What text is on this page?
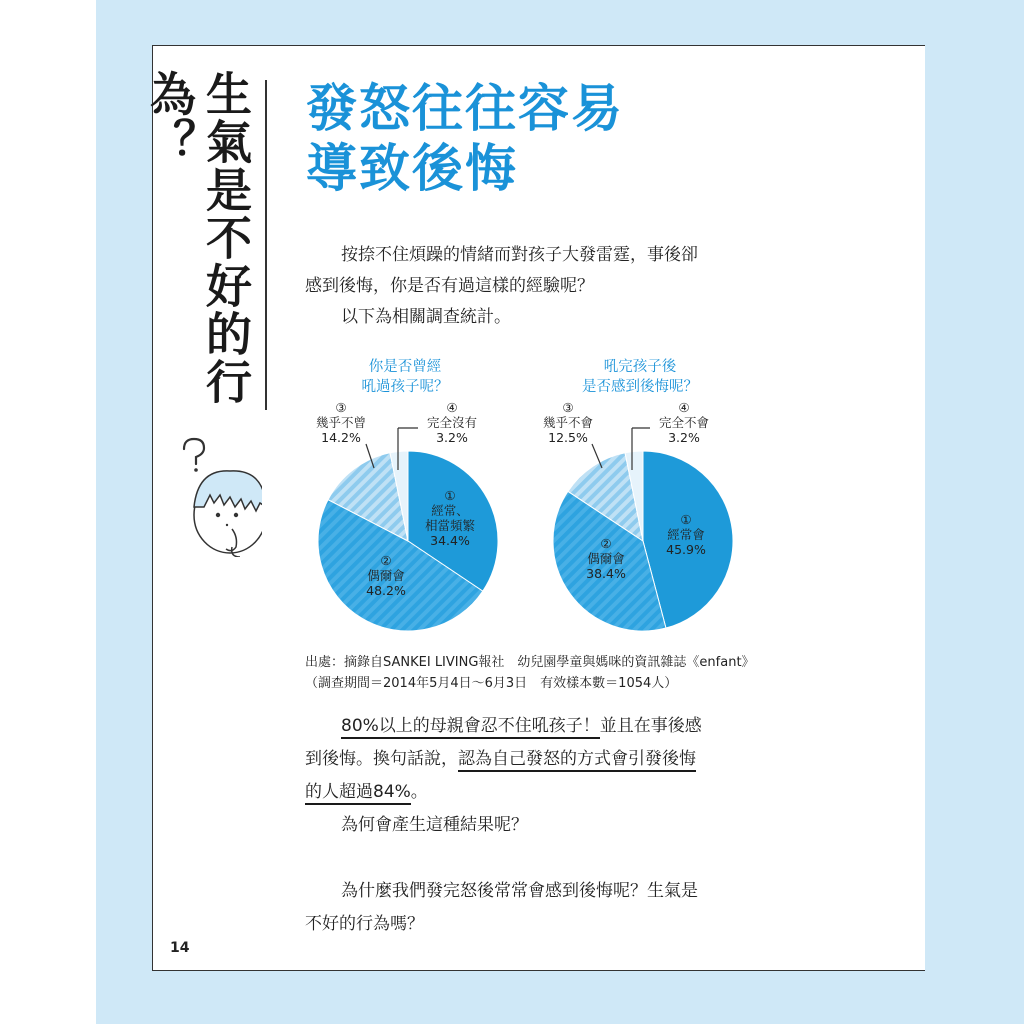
生氣是不好的行為？	發怒往往容易
導致後悔

按捺不住煩躁的情緒而對孩子大發雷霆，事後卻

感到後悔，你是否有過這樣的經驗呢？

以下為相關調查統計。

你是否曾經
吼過孩子呢？
吼完孩子後
是否感到後悔呢？
③
幾乎不曾
14.2%
④
完全沒有
3.2%
①
經常、
相當頻繁
34.4%
②
偶爾會
48.2%
③
幾乎不會
12.5%
④
完全不會
3.2%
①
經常會
45.9%
②
偶爾會
38.4%
出處：摘錄自SANKEI LIVING報社　幼兒園學童與媽咪的資訊雜誌《enfant》
（調查期間＝2014年5月4日～6月3日　有效樣本數＝1054人）
80%以上的母親會忍不住吼孩子！並且在事後感
到後悔。換句話說，認為自己發怒的方式會引發後悔
的人超過84%。
為何會產生這種結果呢？
為什麼我們發完怒後常常會感到後悔呢？生氣是
不好的行為嗎？
14
